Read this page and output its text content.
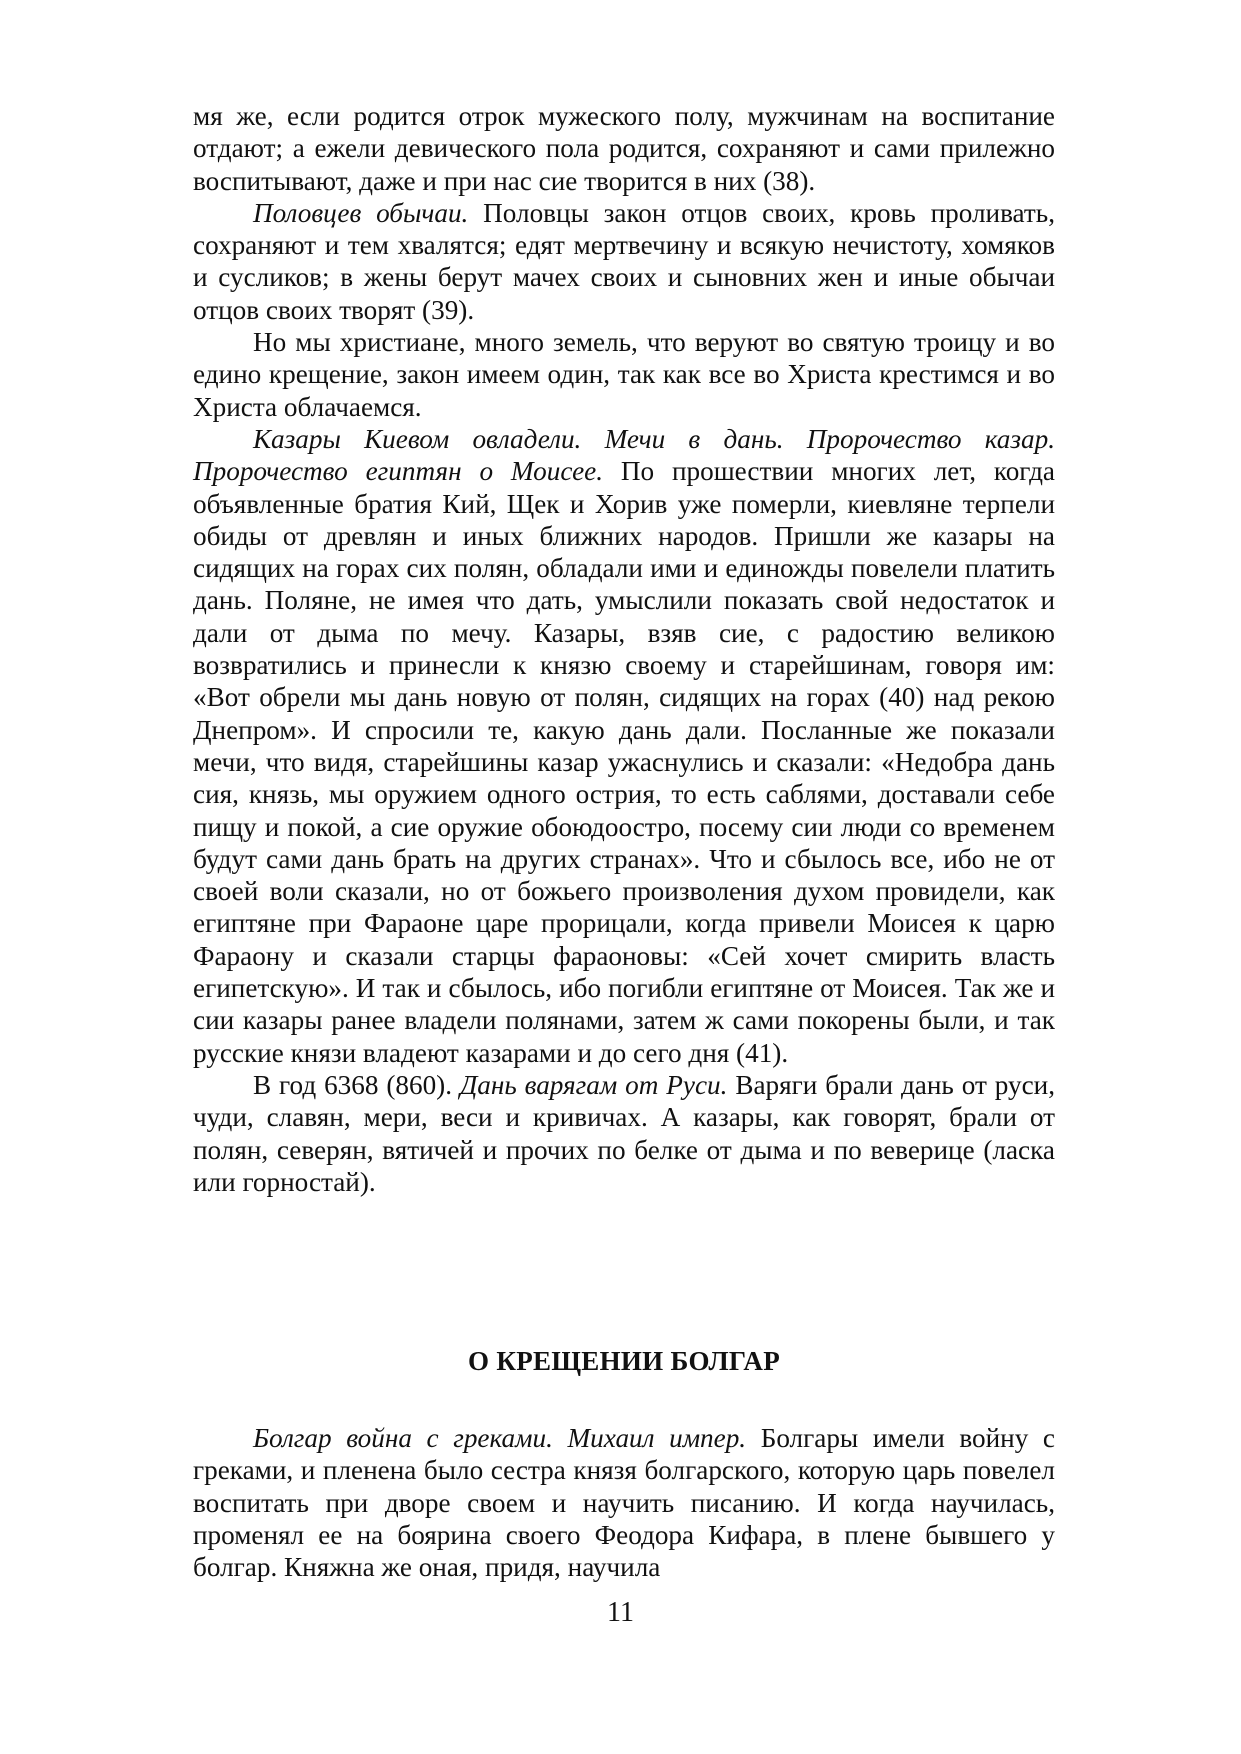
мя же, если родится отрок мужеского полу, мужчинам на воспитание отдают; а ежели девического пола родится, сохраняют и сами прилежно воспитывают, даже и при нас сие творится в них (38).

Половцев обычаи. Половцы закон отцов своих, кровь проливать, сохраняют и тем хвалятся; едят мертвечину и всякую нечистоту, хомяков и сусликов; в жены берут мачех своих и сыновних жен и иные обычаи отцов своих творят (39).

Но мы христиане, много земель, что веруют во святую троицу и во едино крещение, закон имеем один, так как все во Христа крестимся и во Христа облачаемся.

Казары Киевом овладели. Мечи в дань. Пророчество казар. Пророчество египтян о Моисее. По прошествии многих лет, когда объявленные братия Кий, Щек и Хорив уже померли, киевляне терпели обиды от древлян и иных ближних народов. Пришли же казары на сидящих на горах сих полян, обладали ими и единожды повелели платить дань. Поляне, не имея что дать, умыслили показать свой недостаток и дали от дыма по мечу. Казары, взяв сие, с радостию великою возвратились и принесли к князю своему и старейшинам, говоря им: «Вот обрели мы дань новую от полян, сидящих на горах (40) над рекою Днепром». И спросили те, какую дань дали. Посланные же показали мечи, что видя, старейшины казар ужаснулись и сказали: «Недобра дань сия, князь, мы оружием одного острия, то есть саблями, доставали себе пищу и покой, а сие оружие обоюдоостро, посему сии люди со временем будут сами дань брать на других странах». Что и сбылось все, ибо не от своей воли сказали, но от божьего произволения духом провидели, как египтяне при Фараоне царе прорицали, когда привели Моисея к царю Фараону и сказали старцы фараоновы: «Сей хочет смирить власть египетскую». И так и сбылось, ибо погибли египтяне от Моисея. Так же и сии казары ранее владели полянами, затем ж сами покорены были, и так русские князи владеют казарами и до сего дня (41).

В год 6368 (860). Дань варягам от Руси. Варяги брали дань от руси, чуди, славян, мери, веси и кривичах. А казары, как говорят, брали от полян, северян, вятичей и прочих по белке от дыма и по веверице (ласка или горностай).

О КРЕЩЕНИИ БОЛГАР

Болгар война с греками. Михаил импер. Болгары имели войну с греками, и пленена было сестра князя болгарского, которую царь повелел воспитать при дворе своем и научить писанию. И когда научилась, променял ее на боярина своего Феодора Кифара, в плене бывшего у болгар. Княжна же оная, придя, научила

11
